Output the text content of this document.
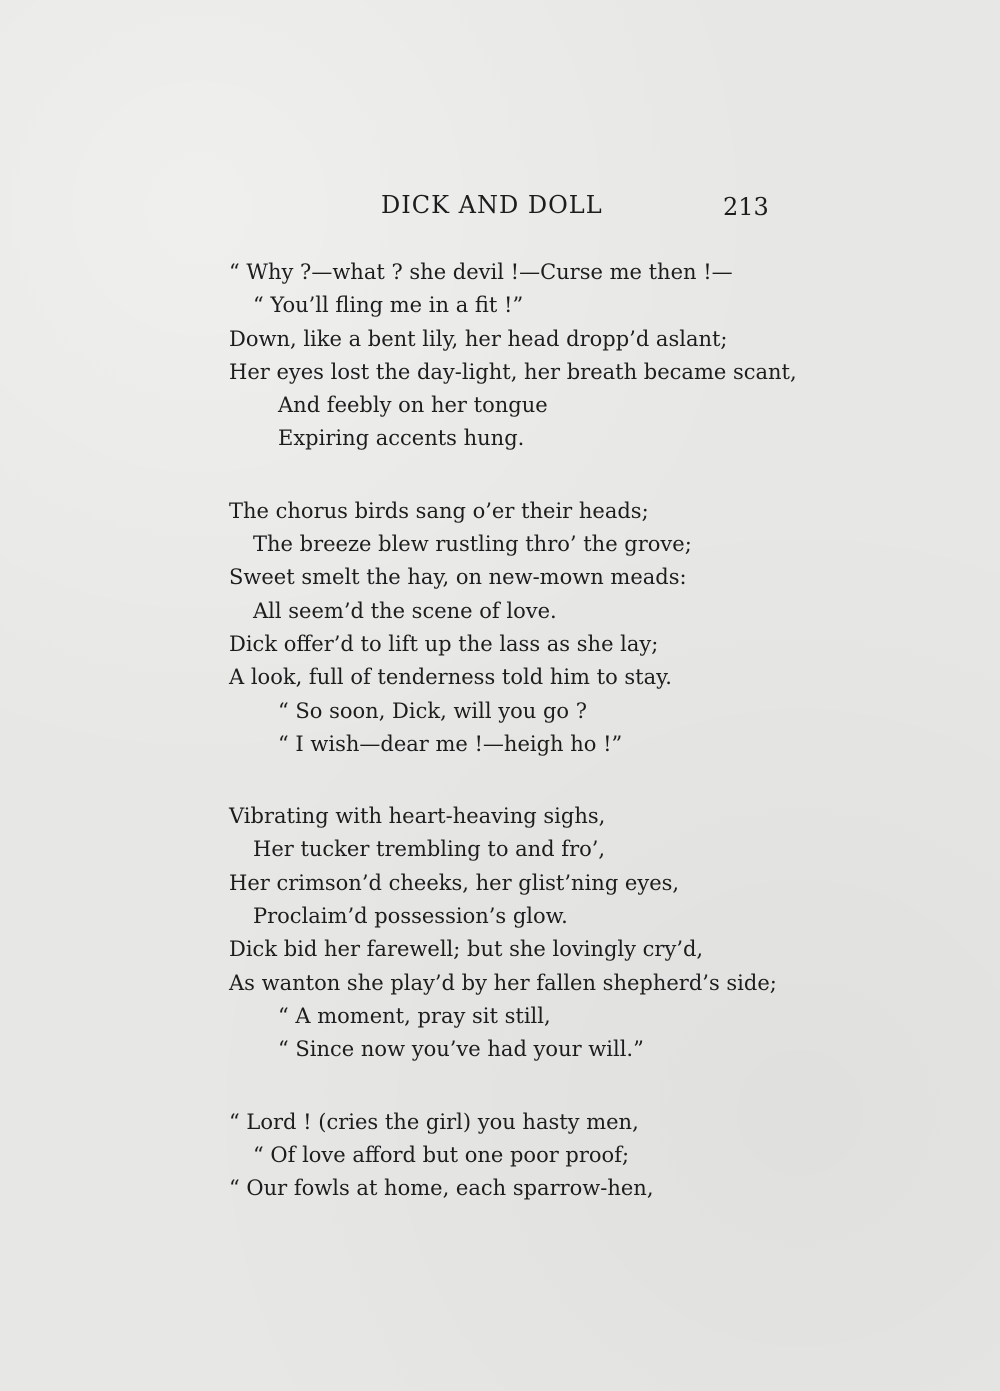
DICK AND DOLL	213
“ Why ?—what ? she devil !—Curse me then !—
“ You’ll fling me in a fit !”
Down, like a bent lily, her head dropp’d aslant;
Her eyes lost the day-light, her breath became scant,
And feebly on her tongue
Expiring accents hung.
The chorus birds sang o’er their heads;
The breeze blew rustling thro’ the grove;
Sweet smelt the hay, on new-mown meads:
All seem’d the scene of love.
Dick offer’d to lift up the lass as she lay;
A look, full of tenderness told him to stay.
“ So soon, Dick, will you go ?
“ I wish—dear me !—heigh ho !”
Vibrating with heart-heaving sighs,
Her tucker trembling to and fro’,
Her crimson’d cheeks, her glist’ning eyes,
Proclaim’d possession’s glow.
Dick bid her farewell; but she lovingly cry’d,
As wanton she play’d by her fallen shepherd’s side;
“ A moment, pray sit still,
“ Since now you’ve had your will.”
“ Lord ! (cries the girl) you hasty men,
“ Of love afford but one poor proof;
“ Our fowls at home, each sparrow-hen,
